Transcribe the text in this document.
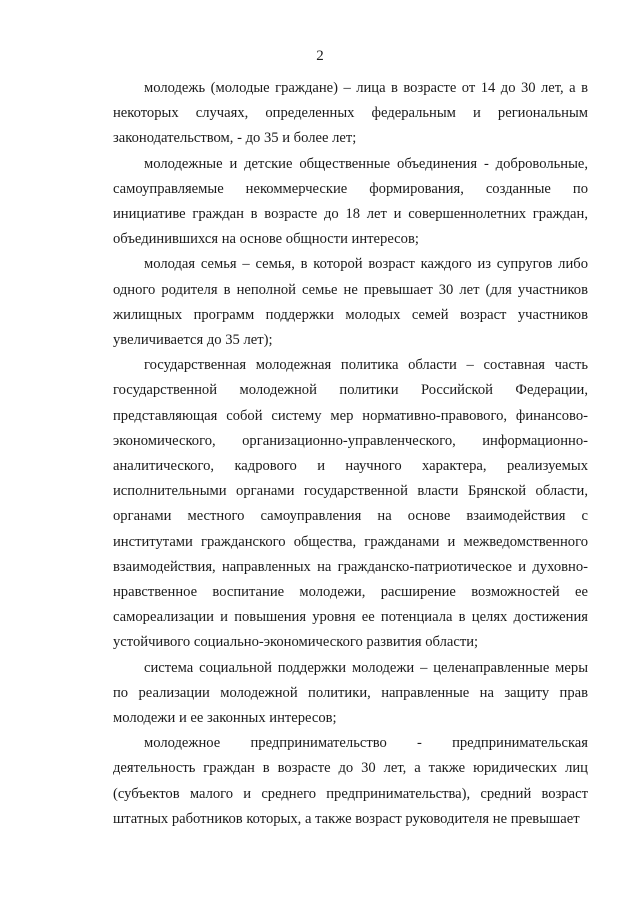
2

молодежь (молодые граждане) – лица в возрасте от 14 до 30 лет, а в некоторых случаях, определенных федеральным и региональным законодательством, - до 35 и более лет;

молодежные и детские общественные объединения - добровольные, самоуправляемые некоммерческие формирования, созданные по инициативе граждан в возрасте до 18 лет и совершеннолетних граждан, объединившихся на основе общности интересов;

молодая семья – семья, в которой возраст каждого из супругов либо одного родителя в неполной семье не превышает 30 лет (для участников жилищных программ поддержки молодых семей возраст участников увеличивается до 35 лет);

государственная молодежная политика области – составная часть государственной молодежной политики Российской Федерации, представляющая собой систему мер нормативно-правового, финансово-экономического, организационно-управленческого, информационно-аналитического, кадрового и научного характера, реализуемых исполнительными органами государственной власти Брянской области, органами местного самоуправления на основе взаимодействия с институтами гражданского общества, гражданами и межведомственного взаимодействия, направленных на гражданско-патриотическое и духовно-нравственное воспитание молодежи, расширение возможностей ее самореализации и повышения уровня ее потенциала в целях достижения устойчивого социально-экономического развития области;

система социальной поддержки молодежи – целенаправленные меры по реализации молодежной политики, направленные на защиту прав молодежи и ее законных интересов;

молодежное предпринимательство - предпринимательская деятельность граждан в возрасте до 30 лет, а также юридических лиц (субъектов малого и среднего предпринимательства), средний возраст штатных работников которых, а также возраст руководителя не превышает
